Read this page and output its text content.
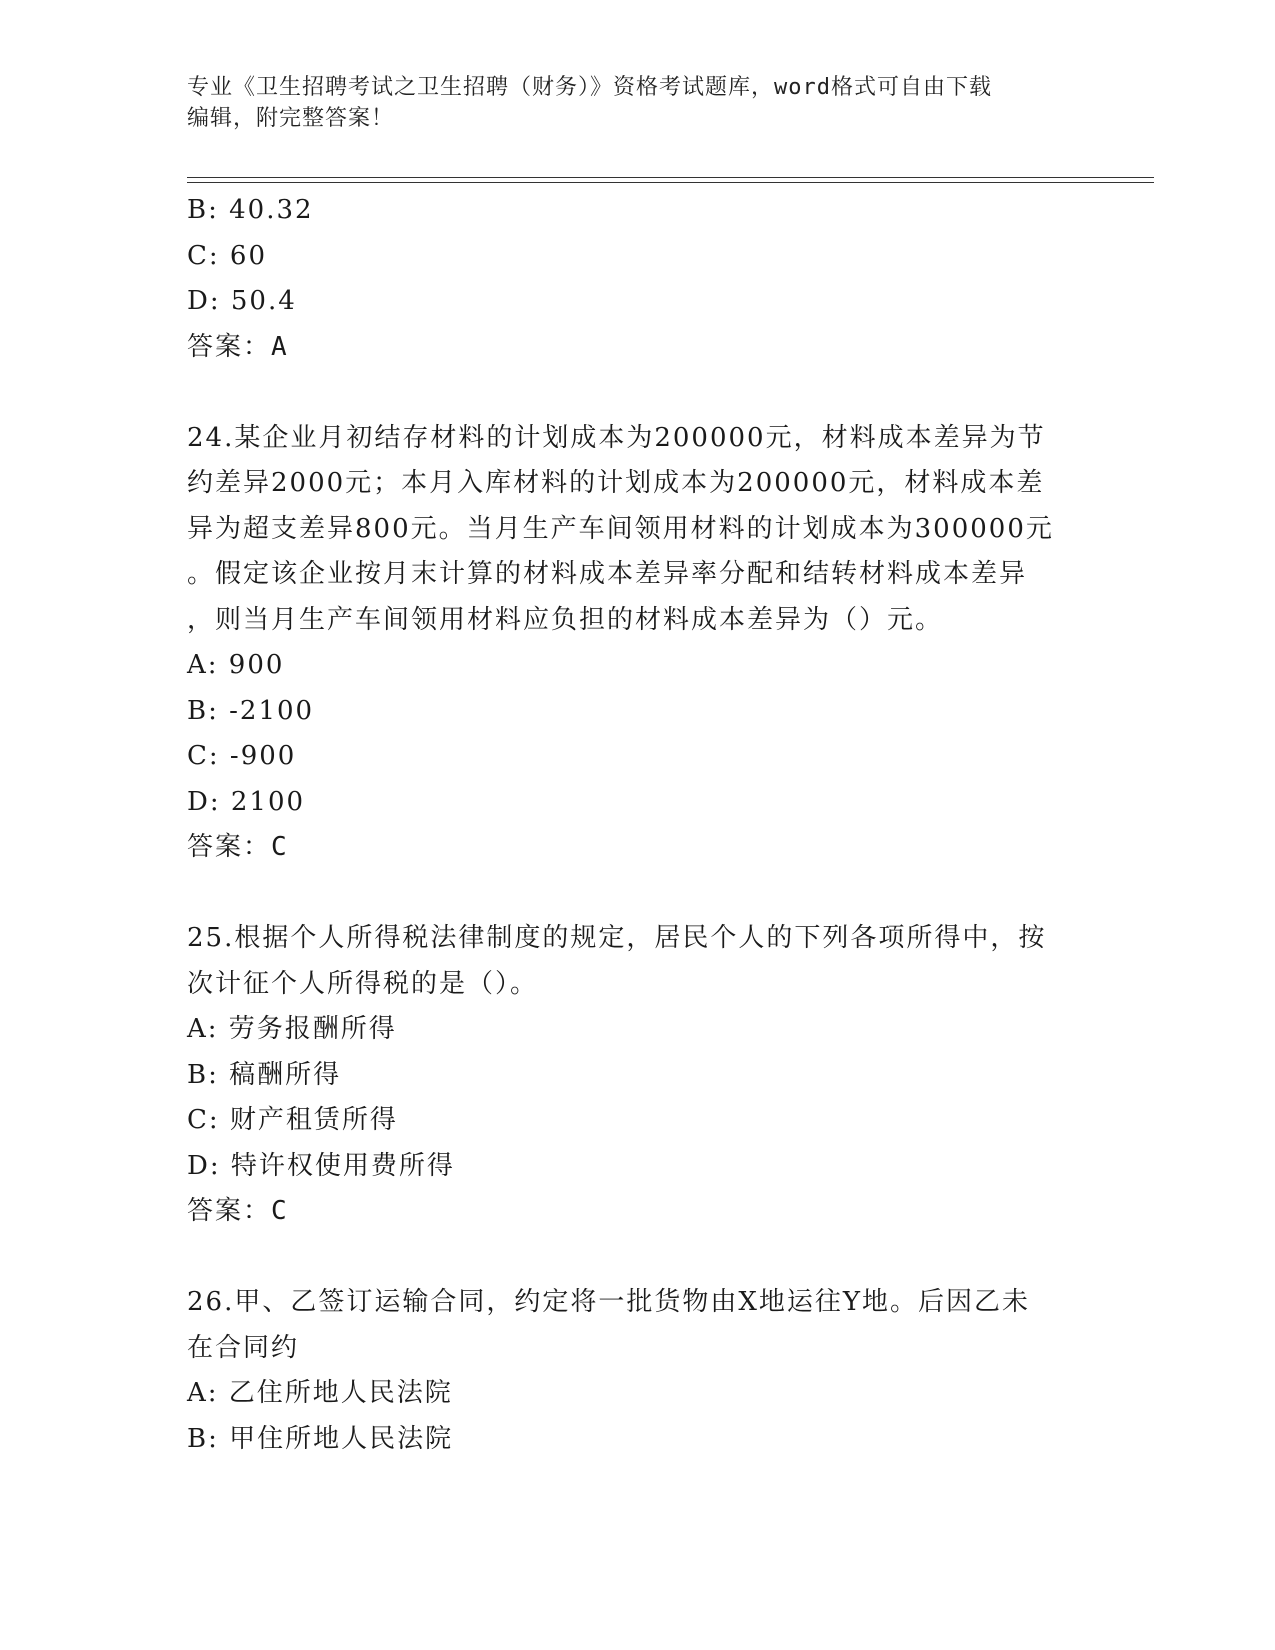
专业《卫生招聘考试之卫生招聘（财务）》资格考试题库，word格式可自由下载
编辑，附完整答案！
B: 40.32
C: 60
D: 50.4
答案：A
24.某企业月初结存材料的计划成本为200000元，材料成本差异为节
约差异2000元；本月入库材料的计划成本为200000元，材料成本差
异为超支差异800元。当月生产车间领用材料的计划成本为300000元
。假定该企业按月末计算的材料成本差异率分配和结转材料成本差异
，则当月生产车间领用材料应负担的材料成本差异为（）元。
A: 900
B: -2100
C: -900
D: 2100
答案：C
25.根据个人所得税法律制度的规定，居民个人的下列各项所得中，按
次计征个人所得税的是（）。
A: 劳务报酬所得
B: 稿酬所得
C: 财产租赁所得
D: 特许权使用费所得
答案：C
26.甲、乙签订运输合同，约定将一批货物由X地运往Y地。后因乙未
在合同约
A: 乙住所地人民法院
B: 甲住所地人民法院
